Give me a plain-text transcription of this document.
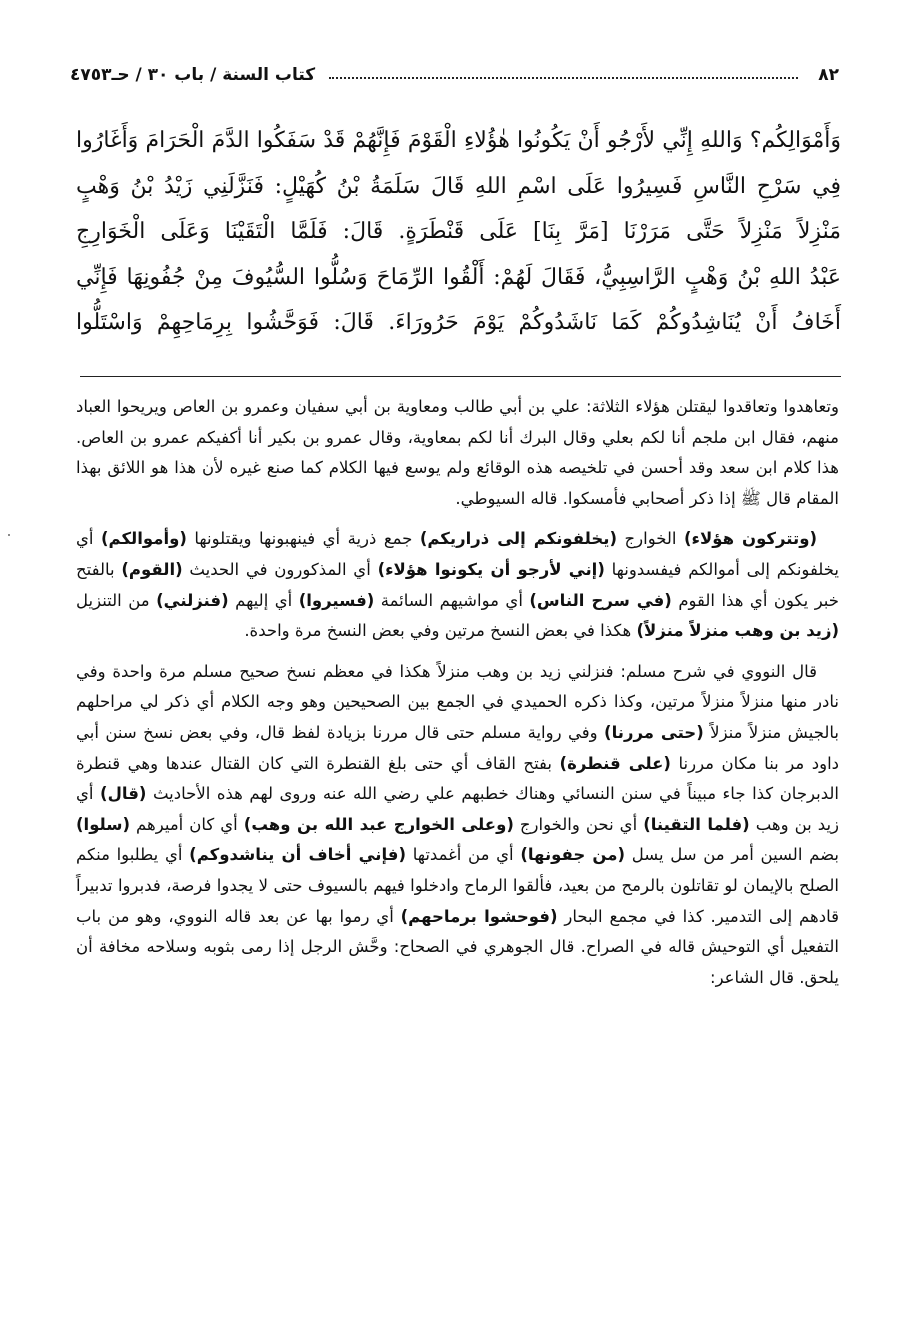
٨٢
كتاب السنة / باب ٣٠ / حـ٤٧٥٣
وَأَمْوَالِكُم؟ وَاللهِ إِنِّي لأَرْجُو أَنْ يَكُونُوا هٰؤُلاءِ الْقَوْمَ فَإِنَّهُمْ قَدْ سَفَكُوا الدَّمَ الْحَرَامَ وَأَغَارُوا
فِي سَرْحِ النَّاسِ فَسِيرُوا عَلَى اسْمِ اللهِ قَالَ سَلَمَةُ بْنُ كُهَيْلٍ: فَنَزَّلَنِي زَيْدُ بْنُ وَهْبٍ
مَنْزِلاً مَنْزِلاً حَتَّى مَرَرْنَا [مَرَّ بِنَا] عَلَى قَنْطَرَةٍ. قَالَ: فَلَمَّا الْتَقَيْنَا وَعَلَى الْخَوَارِجِ
عَبْدُ اللهِ بْنُ وَهْبٍ الرَّاسِبِيُّ، فَقَالَ لَهُمْ: أَلْقُوا الرِّمَاحَ وَسُلُّوا السُّيُوفَ مِنْ جُفُونِهَا فَإِنِّي
أَخَافُ أَنْ يُنَاشِدُوكُمْ كَمَا نَاشَدُوكُمْ يَوْمَ حَرُورَاءَ. قَالَ: فَوَحَّشُوا بِرِمَاحِهِمْ وَاسْتَلُّوا

وتعاهدوا وتعاقدوا ليقتلن هؤلاء الثلاثة: علي بن أبي طالب ومعاوية بن أبي سفيان وعمرو بن العاص ويريحوا العباد منهم، فقال ابن ملجم أنا لكم بعلي وقال البرك أنا لكم بمعاوية، وقال عمرو بن بكير أنا أكفيكم عمرو بن العاص. هذا كلام ابن سعد وقد أحسن في تلخيصه هذه الوقائع ولم يوسع فيها الكلام كما صنع غيره لأن هذا هو اللائق بهذا المقام قال ﷺ إذا ذكر أصحابي فأمسكوا. قاله السيوطي.

(وتتركون هؤلاء) الخوارج (يخلفونكم إلى ذراريكم) جمع ذرية أي فينهبونها ويقتلونها (وأموالكم) أي يخلفونكم إلى أموالكم فيفسدونها (إني لأرجو أن يكونوا هؤلاء) أي المذكورون في الحديث (القوم) بالفتح خبر يكون أي هذا القوم (في سرح الناس) أي مواشيهم السائمة (فسيروا) أي إليهم (فنزلني) من التنزيل (زيد بن وهب منزلاً منزلاً) هكذا في بعض النسخ مرتين وفي بعض النسخ مرة واحدة.

قال النووي في شرح مسلم: فنزلني زيد بن وهب منزلاً هكذا في معظم نسخ صحيح مسلم مرة واحدة وفي نادر منها منزلاً منزلاً مرتين، وكذا ذكره الحميدي في الجمع بين الصحيحين وهو وجه الكلام أي ذكر لي مراحلهم بالجيش منزلاً منزلاً (حتى مررنا) وفي رواية مسلم حتى قال مررنا بزيادة لفظ قال، وفي بعض نسخ سنن أبي داود مر بنا مكان مررنا (على قنطرة) بفتح القاف أي حتى بلغ القنطرة التي كان القتال عندها وهي قنطرة الدبرجان كذا جاء مبيناً في سنن النسائي وهناك خطبهم علي رضي الله عنه وروى لهم هذه الأحاديث (قال) أي زيد بن وهب (فلما التقينا) أي نحن والخوارج (وعلى الخوارج عبد الله بن وهب) أي كان أميرهم (سلوا) بضم السين أمر من سل يسل (من جفونها) أي من أغمدتها (فإني أخاف أن يناشدوكم) أي يطلبوا منكم الصلح بالإيمان لو تقاتلون بالرمح من بعيد، فألقوا الرماح وادخلوا فيهم بالسيوف حتى لا يجدوا فرصة، فدبروا تدبيراً قادهم إلى التدمير. كذا في مجمع البحار (فوحشوا برماحهم) أي رموا بها عن بعد قاله النووي، وهو من باب التفعيل أي التوحيش قاله في الصراح. قال الجوهري في الصحاح: وحَّش الرجل إذا رمى بثوبه وسلاحه مخافة أن يلحق. قال الشاعر:
